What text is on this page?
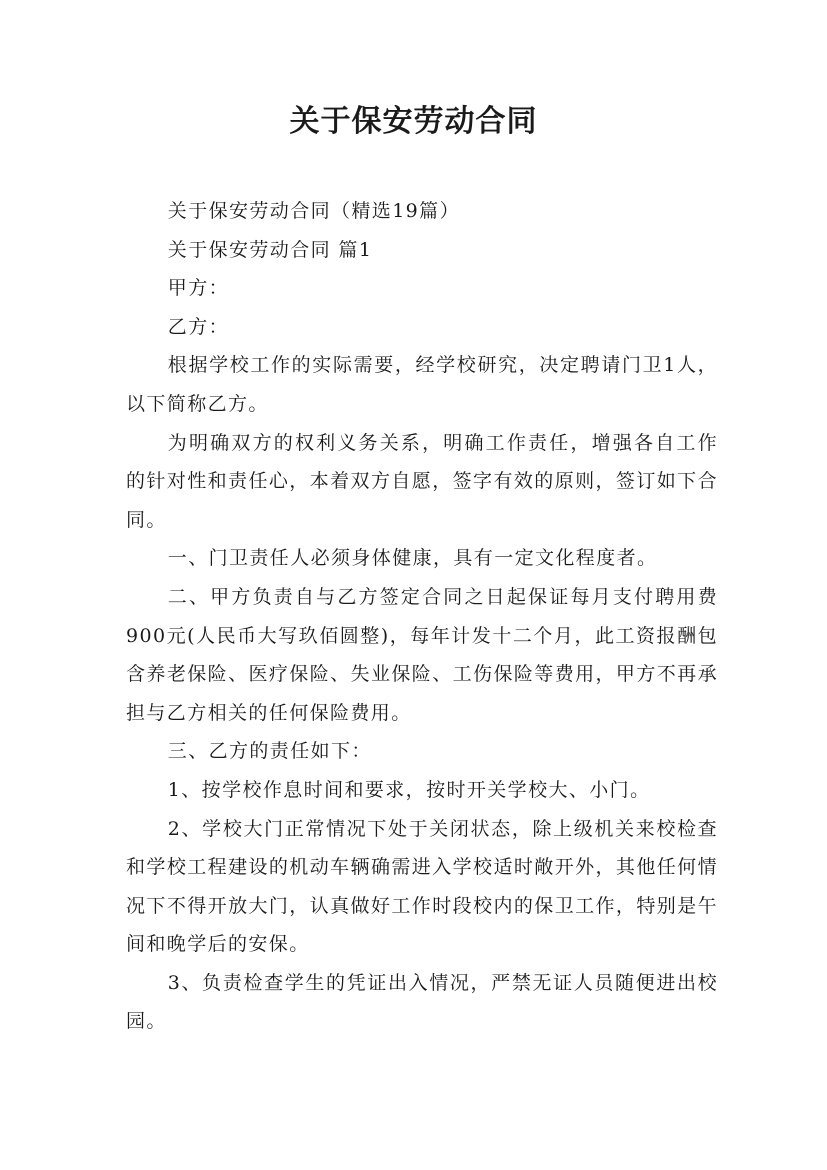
关于保安劳动合同

关于保安劳动合同（精选19篇）

关于保安劳动合同 篇1

甲方：

乙方：

根据学校工作的实际需要，经学校研究，决定聘请门卫1人，以下简称乙方。

为明确双方的权利义务关系，明确工作责任，增强各自工作的针对性和责任心，本着双方自愿，签字有效的原则，签订如下合同。

一、门卫责任人必须身体健康，具有一定文化程度者。

二、甲方负责自与乙方签定合同之日起保证每月支付聘用费900元(人民币大写玖佰圆整)，每年计发十二个月，此工资报酬包含养老保险、医疗保险、失业保险、工伤保险等费用，甲方不再承担与乙方相关的任何保险费用。

三、乙方的责任如下：

1、按学校作息时间和要求，按时开关学校大、小门。

2、学校大门正常情况下处于关闭状态，除上级机关来校检查和学校工程建设的机动车辆确需进入学校适时敞开外，其他任何情况下不得开放大门，认真做好工作时段校内的保卫工作，特别是午间和晚学后的安保。

3、负责检查学生的凭证出入情况，严禁无证人员随便进出校园。
